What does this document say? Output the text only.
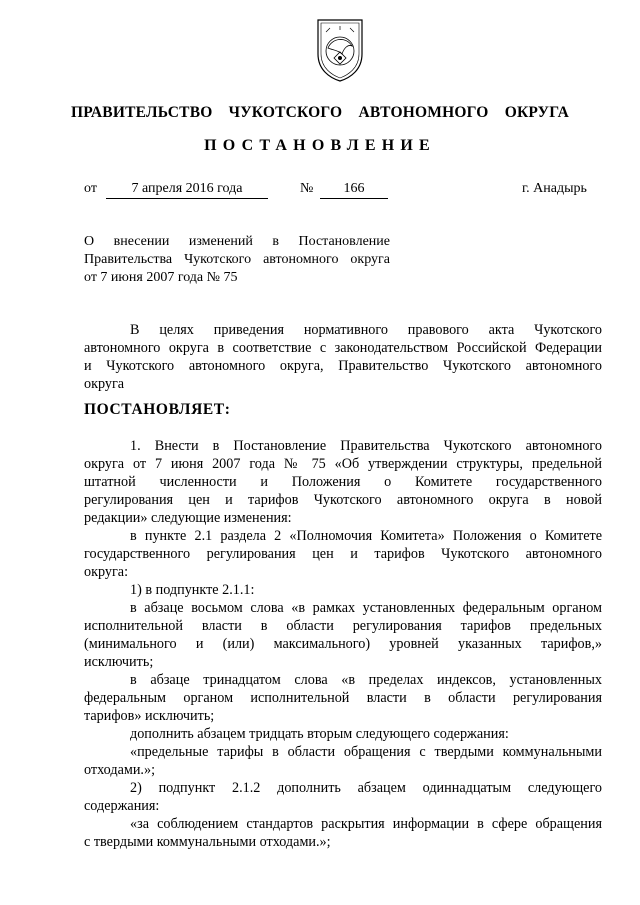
ПРАВИТЕЛЬСТВО  ЧУКОТСКОГО  АВТОНОМНОГО  ОКРУГА
ПОСТАНОВЛЕНИЕ
от	7 апреля 2016 года	№	166	г. Анадырь
О внесении изменений в Постановление
Правительства Чукотского автономного округа
от 7 июня 2007 года № 75
В целях приведения нормативного правового акта Чукотского
автономного округа в соответствие с законодательством Российской Федерации
и Чукотского автономного округа, Правительство Чукотского автономного
округа
ПОСТАНОВЛЯЕТ:
1. Внести в Постановление Правительства Чукотского автономного
округа от 7 июня 2007 года № 75 «Об утверждении структуры, предельной
штатной численности и Положения о Комитете государственного
регулирования цен и тарифов Чукотского автономного округа в новой
редакции» следующие изменения:
в пункте 2.1 раздела 2 «Полномочия Комитета» Положения о Комитете
государственного регулирования цен и тарифов Чукотского автономного
округа:
1) в подпункте 2.1.1:
в абзаце восьмом слова «в рамках установленных федеральным органом
исполнительной власти в области регулирования тарифов предельных
(минимального и (или) максимального) уровней указанных тарифов,»
исключить;
в абзаце тринадцатом слова «в пределах индексов, установленных
федеральным органом исполнительной власти в области регулирования
тарифов» исключить;
дополнить абзацем тридцать вторым следующего содержания:
«предельные тарифы в области обращения с твердыми коммунальными
отходами.»;
2) подпункт 2.1.2 дополнить абзацем одиннадцатым следующего
содержания:
«за соблюдением стандартов раскрытия информации в сфере обращения
с твердыми коммунальными отходами.»;
